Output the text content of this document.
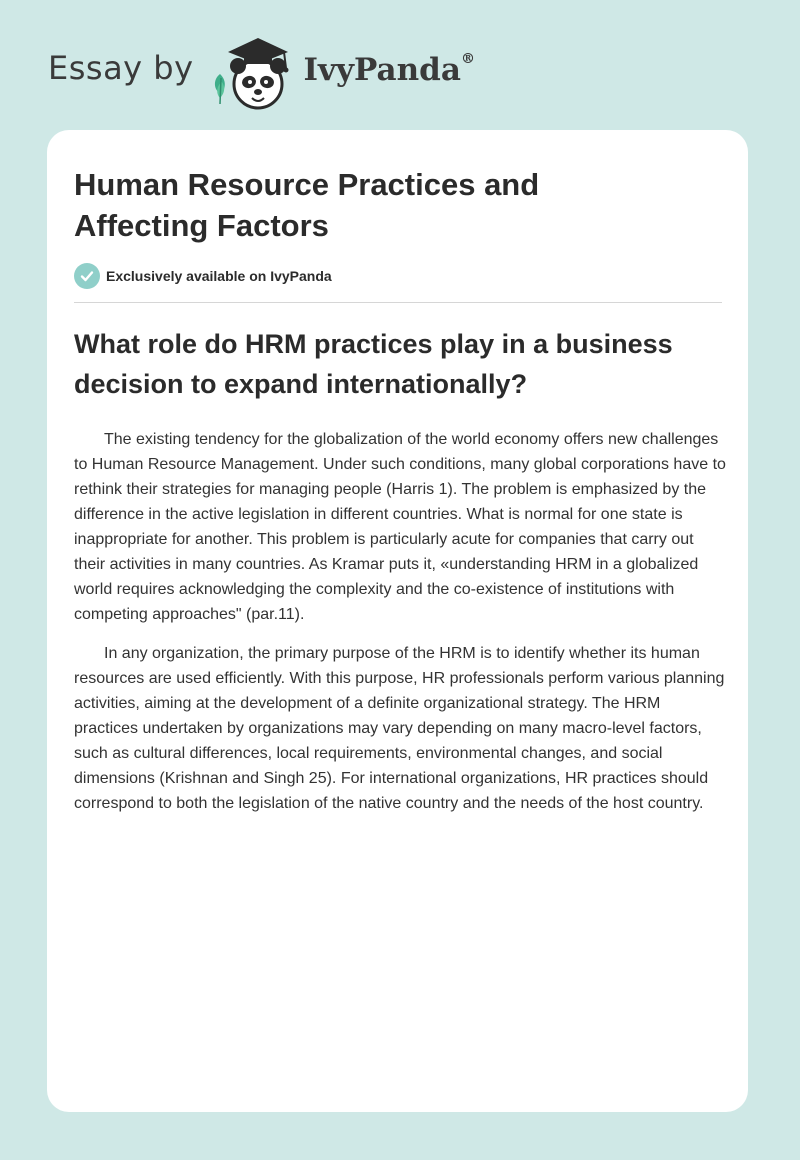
Essay by	IvyPanda®
Human Resource Practices and Affecting Factors
Exclusively available on IvyPanda
What role do HRM practices play in a business decision to expand internationally?

The existing tendency for the globalization of the world economy offers new challenges to Human Resource Management. Under such conditions, many global corporations have to rethink their strategies for managing people (Harris 1). The problem is emphasized by the difference in the active legislation in different countries. What is normal for one state is inappropriate for another. This problem is particularly acute for companies that carry out their activities in many countries. As Kramar puts it, «understanding HRM in a globalized world requires acknowledging the complexity and the co-existence of institutions with competing approaches" (par.11).

In any organization, the primary purpose of the HRM is to identify whether its human resources are used efficiently. With this purpose, HR professionals perform various planning activities, aiming at the development of a definite organizational strategy. The HRM practices undertaken by organizations may vary depending on many macro-level factors, such as cultural differences, local requirements, environmental changes, and social dimensions (Krishnan and Singh 25). For international organizations, HR practices should correspond to both the legislation of the native country and the needs of the host country.
